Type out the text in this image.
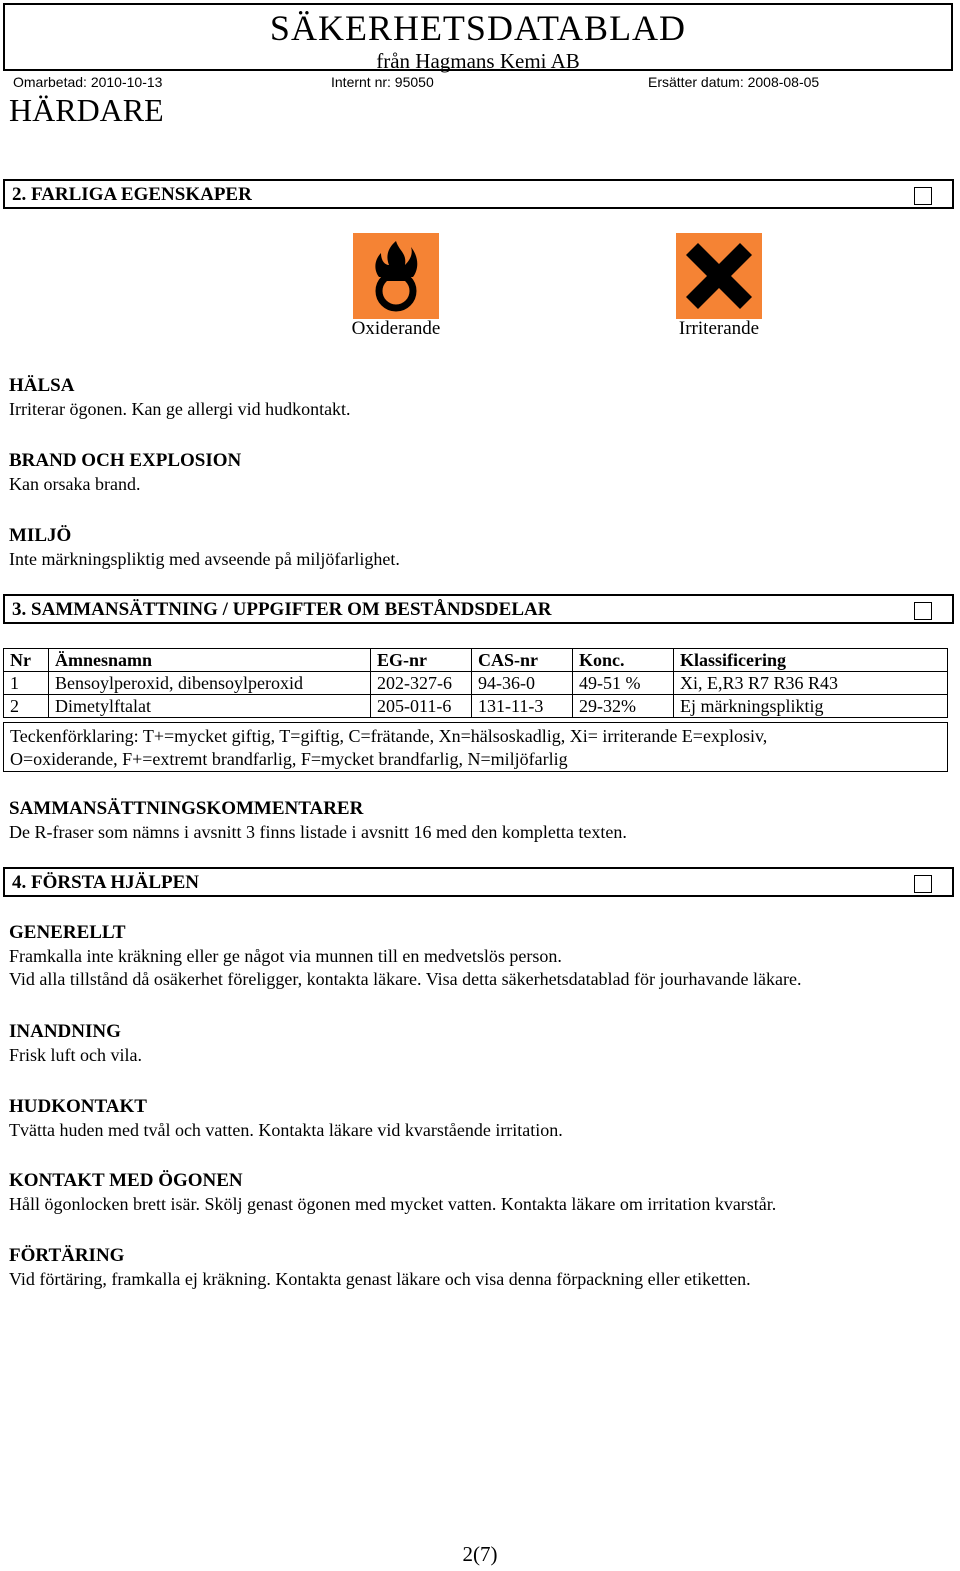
SÄKERHETSDATABLAD
från Hagmans Kemi AB
Omarbetad: 2010-10-13	Internt nr: 95050	Ersätter datum: 2008-08-05
HÄRDARE
2. FARLIGA EGENSKAPER
Oxiderande	Irriterande
HÄLSA
Irriterar ögonen. Kan ge allergi vid hudkontakt.
BRAND OCH EXPLOSION
Kan orsaka brand.
MILJÖ
Inte märkningspliktig med avseende på miljöfarlighet.
3. SAMMANSÄTTNING / UPPGIFTER OM BESTÅNDSDELAR
Nr	Ämnesnamn	EG-nr	CAS-nr	Konc.	Klassificering
1	Bensoylperoxid, dibensoylperoxid	202-327-6	94-36-0	49-51 %	Xi, E,R3 R7 R36 R43
2	Dimetylftalat	205-011-6	131-11-3	29-32%	Ej märkningspliktig
Teckenförklaring: T+=mycket giftig, T=giftig, C=frätande, Xn=hälsoskadlig, Xi= irriterande E=explosiv,
O=oxiderande, F+=extremt brandfarlig, F=mycket brandfarlig, N=miljöfarlig
SAMMANSÄTTNINGSKOMMENTARER
De R-fraser som nämns i avsnitt 3 finns listade i avsnitt 16 med den kompletta texten.
4. FÖRSTA HJÄLPEN
GENERELLT
Framkalla inte kräkning eller ge något via munnen till en medvetslös person.
Vid alla tillstånd då osäkerhet föreligger, kontakta läkare. Visa detta säkerhetsdatablad för jourhavande läkare.
INANDNING
Frisk luft och vila.
HUDKONTAKT
Tvätta huden med tvål och vatten. Kontakta läkare vid kvarstående irritation.
KONTAKT MED ÖGONEN
Håll ögonlocken brett isär. Skölj genast ögonen med mycket vatten. Kontakta läkare om irritation kvarstår.
FÖRTÄRING
Vid förtäring, framkalla ej kräkning. Kontakta genast läkare och visa denna förpackning eller etiketten.
2(7)
